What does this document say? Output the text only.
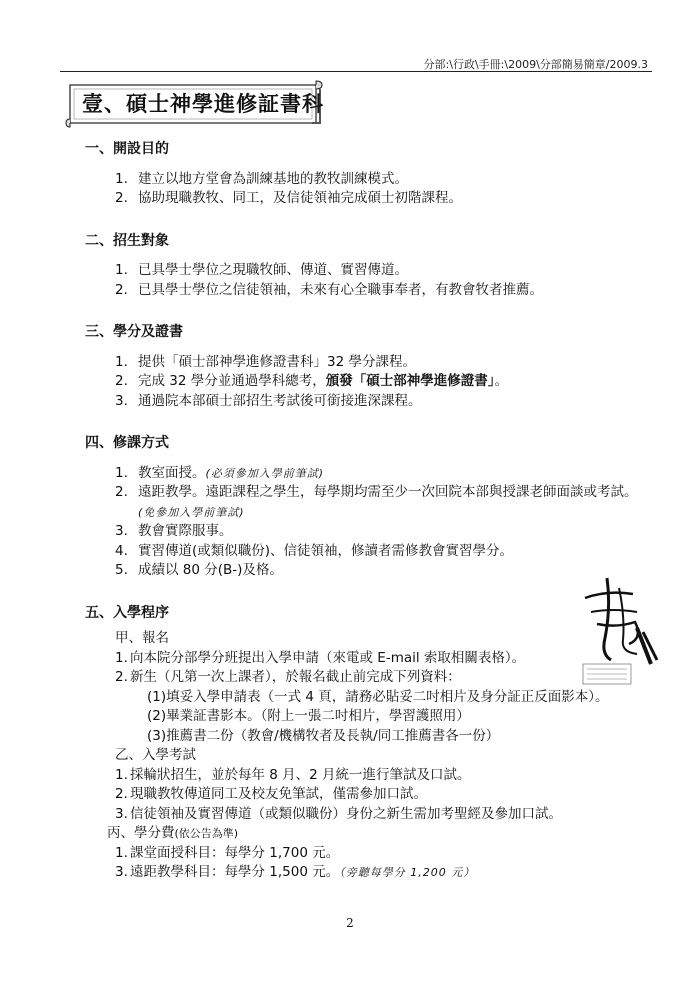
分部:\行政\手冊:\2009\分部簡易簡章/2009.3
壹、碩士神學進修証書科
一、開設目的
1. 建立以地方堂會為訓練基地的教牧訓練模式。
2. 協助現職教牧、同工，及信徒領袖完成碩士初階課程。
二、招生對象
1. 已具學士學位之現職牧師、傳道、實習傳道。
2. 已具學士學位之信徒領袖，未來有心全職事奉者，有教會牧者推薦。
三、學分及證書
1. 提供「碩士部神學進修證書科」32 學分課程。
2. 完成 32 學分並通過學科總考，頒發「碩士部神學進修證書」。
3. 通過院本部碩士部招生考試後可銜接進深課程。
四、修課方式
1. 教室面授。(必須參加入學前筆試)
2. 遠距教學。遠距課程之學生，每學期均需至少一次回院本部與授課老師面談或考試。(免參加入學前筆試)
3. 教會實際服事。
4. 實習傳道(或類似職份)、信徒領袖，修讀者需修教會實習學分。
5. 成績以 80 分(B-)及格。
五、入學程序
甲、報名
1. 向本院分部學分班提出入學申請（來電或 E-mail 索取相關表格）。
2. 新生（凡第一次上課者），於報名截止前完成下列資料：
(1)填妥入學申請表（一式 4 頁，請務必貼妥二吋相片及身分証正反面影本）。
(2)畢業証書影本。（附上一張二吋相片，學習護照用）
(3)推薦書二份（教會/機構牧者及長執/同工推薦書各一份）
乙、入學考試
1. 採輪狀招生，並於每年 8 月、2 月統一進行筆試及口試。
2. 現職教牧傳道同工及校友免筆試，僅需參加口試。
3. 信徒領袖及實習傳道（或類似職份）身份之新生需加考聖經及參加口試。
丙、學分費(依公告為準)
1. 課堂面授科目：每學分 1,700 元。
3. 遠距教學科目：每學分 1,500 元。（旁聽每學分 1,200 元）
2
